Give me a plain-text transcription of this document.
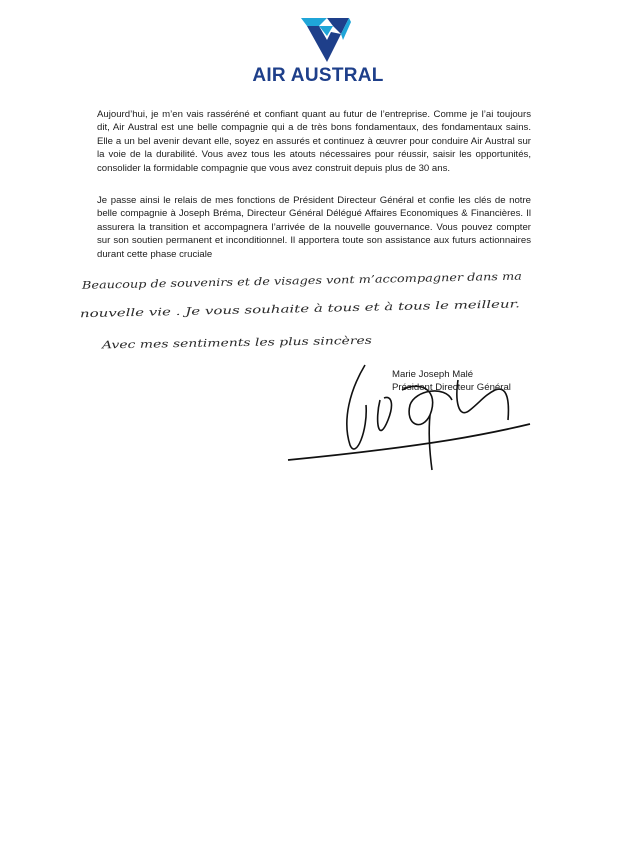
AIR AUSTRAL

Aujourd’hui, je m’en vais rasséréné et confiant quant au futur de l’entreprise. Comme je l’ai toujours dit, Air Austral est une belle compagnie qui a de très bons fondamentaux, des fondamentaux sains. Elle a un bel avenir devant elle, soyez en assurés et continuez à œuvrer pour conduire Air Austral sur la voie de la durabilité. Vous avez tous les atouts nécessaires pour réussir, saisir les opportunités, consolider la formidable compagnie que vous avez construit depuis plus de 30 ans.

Je passe ainsi le relais de mes fonctions de Président Directeur Général et confie les clés de notre belle compagnie à Joseph Bréma, Directeur Général Délégué Affaires Economiques & Financières. Il assurera la transition et accompagnera l’arrivée de la nouvelle gouvernance. Vous pouvez compter sur son soutien permanent et inconditionnel. Il apportera toute son assistance aux futurs actionnaires durant cette phase cruciale

Beaucoup de souvenirs et de visages vont m’accompagner dans ma
nouvelle vie . Je vous souhaite à tous et à tous le meilleur.
Avec mes sentiments les plus sincères
Marie Joseph Malé
Président Directeur Général
